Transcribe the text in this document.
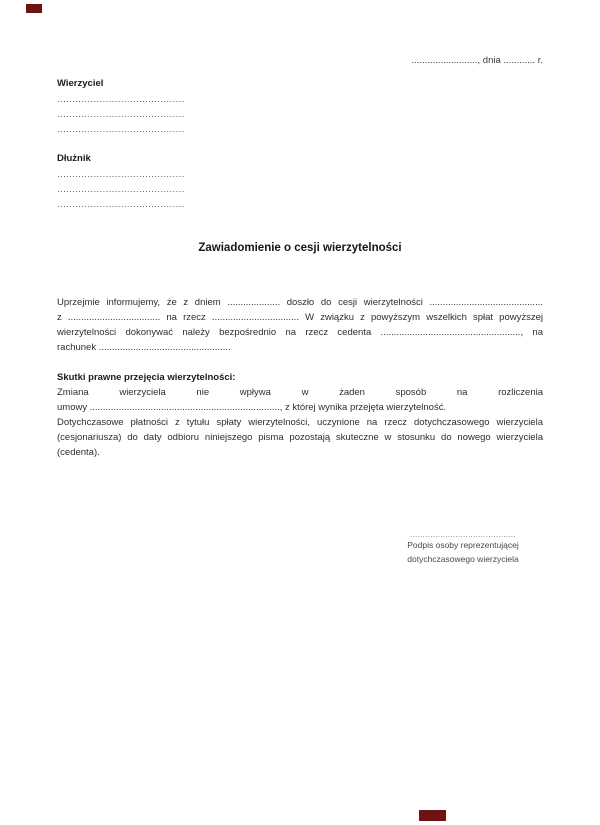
........................., dnia ............ r.
Wierzyciel
..........................................
..........................................
..........................................
Dłużnik
..........................................
..........................................
..........................................
Zawiadomienie o cesji wierzytelności
Uprzejmie informujemy, że z dniem .................... doszło do cesji wierzytelności ...........................................
z ................................... na rzecz ................................. W związku z powyższym wszelkich spłat powyższej
wierzytelności dokonywać należy bezpośrednio na rzecz cedenta ....................................................., na
rachunek ..................................................
Skutki prawne przejęcia wierzytelności:
Zmiana wierzyciela nie wpływa w żaden sposób na rozliczenia
umowy ........................................................................, z której wynika przejęta wierzytelność.
Dotychczasowe płatności z tytułu spłaty wierzytelności, uczynione na rzecz dotychczasowego wierzyciela
(cesjonariusza) do daty odbioru niniejszego pisma pozostają skuteczne w stosunku do nowego wierzyciela
(cedenta).
..........................................
Podpis osoby reprezentującej
dotychczasowego wierzyciela
